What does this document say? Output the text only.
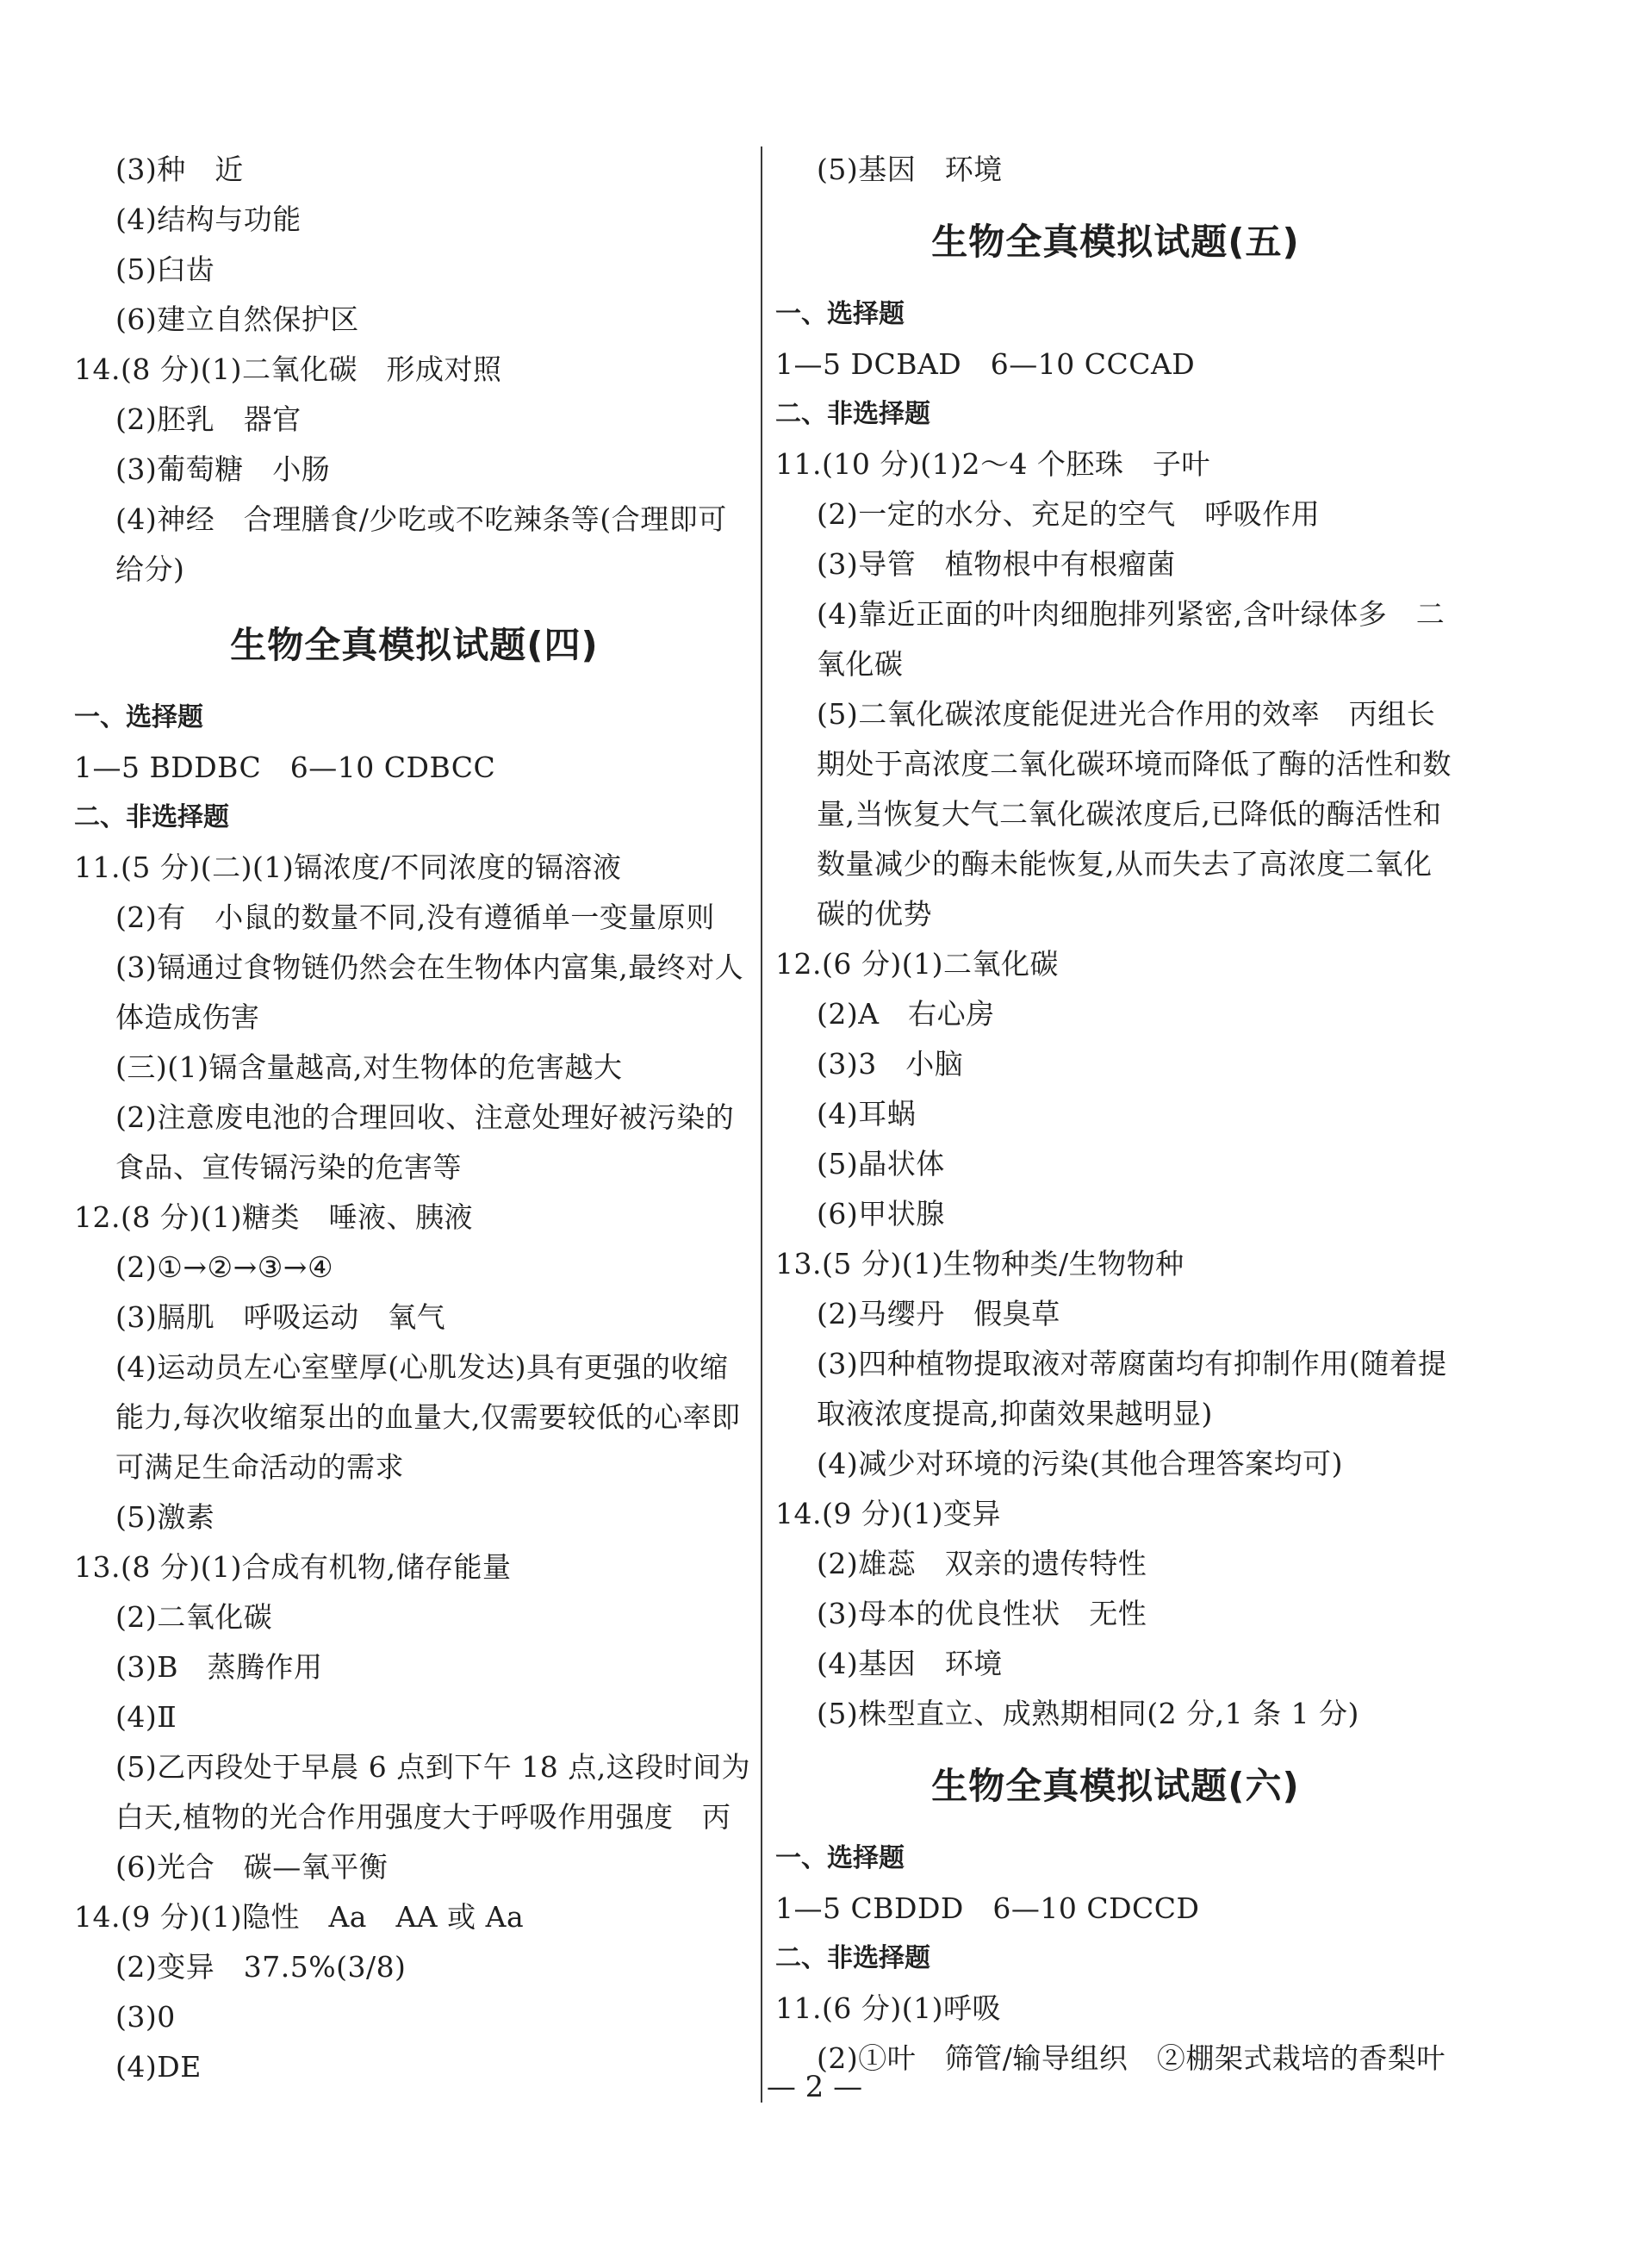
(3)种　近
(4)结构与功能
(5)臼齿
(6)建立自然保护区
14.(8 分)(1)二氧化碳　形成对照
(2)胚乳　器官
(3)葡萄糖　小肠
(4)神经　合理膳食/少吃或不吃辣条等(合理即可给分)
生物全真模拟试题(四)
一、选择题
1—5 BDDBC　6—10 CDBCC
二、非选择题
11.(5 分)(二)(1)镉浓度/不同浓度的镉溶液
(2)有　小鼠的数量不同,没有遵循单一变量原则
(3)镉通过食物链仍然会在生物体内富集,最终对人体造成伤害
(三)(1)镉含量越高,对生物体的危害越大
(2)注意废电池的合理回收、注意处理好被污染的食品、宣传镉污染的危害等
12.(8 分)(1)糖类　唾液、胰液
(2)①→②→③→④
(3)膈肌　呼吸运动　氧气
(4)运动员左心室壁厚(心肌发达)具有更强的收缩能力,每次收缩泵出的血量大,仅需要较低的心率即可满足生命活动的需求
(5)激素
13.(8 分)(1)合成有机物,储存能量
(2)二氧化碳
(3)B　蒸腾作用
(4)Ⅱ
(5)乙丙段处于早晨 6 点到下午 18 点,这段时间为白天,植物的光合作用强度大于呼吸作用强度　丙
(6)光合　碳—氧平衡
14.(9 分)(1)隐性　Aa　AA 或 Aa
(2)变异　37.5%(3/8)
(3)0
(4)DE
(5)基因　环境
生物全真模拟试题(五)
一、选择题
1—5 DCBAD　6—10 CCCAD
二、非选择题
11.(10 分)(1)2～4 个胚珠　子叶
(2)一定的水分、充足的空气　呼吸作用
(3)导管　植物根中有根瘤菌
(4)靠近正面的叶肉细胞排列紧密,含叶绿体多　二氧化碳
(5)二氧化碳浓度能促进光合作用的效率　丙组长期处于高浓度二氧化碳环境而降低了酶的活性和数量,当恢复大气二氧化碳浓度后,已降低的酶活性和数量减少的酶未能恢复,从而失去了高浓度二氧化碳的优势
12.(6 分)(1)二氧化碳
(2)A　右心房
(3)3　小脑
(4)耳蜗
(5)晶状体
(6)甲状腺
13.(5 分)(1)生物种类/生物物种
(2)马缨丹　假臭草
(3)四种植物提取液对蒂腐菌均有抑制作用(随着提取液浓度提高,抑菌效果越明显)
(4)减少对环境的污染(其他合理答案均可)
14.(9 分)(1)变异
(2)雄蕊　双亲的遗传特性
(3)母本的优良性状　无性
(4)基因　环境
(5)株型直立、成熟期相同(2 分,1 条 1 分)
生物全真模拟试题(六)
一、选择题
1—5 CBDDD　6—10 CDCCD
二、非选择题
11.(6 分)(1)呼吸
(2)①叶　筛管/输导组织　②棚架式栽培的香梨叶
— 2 —
